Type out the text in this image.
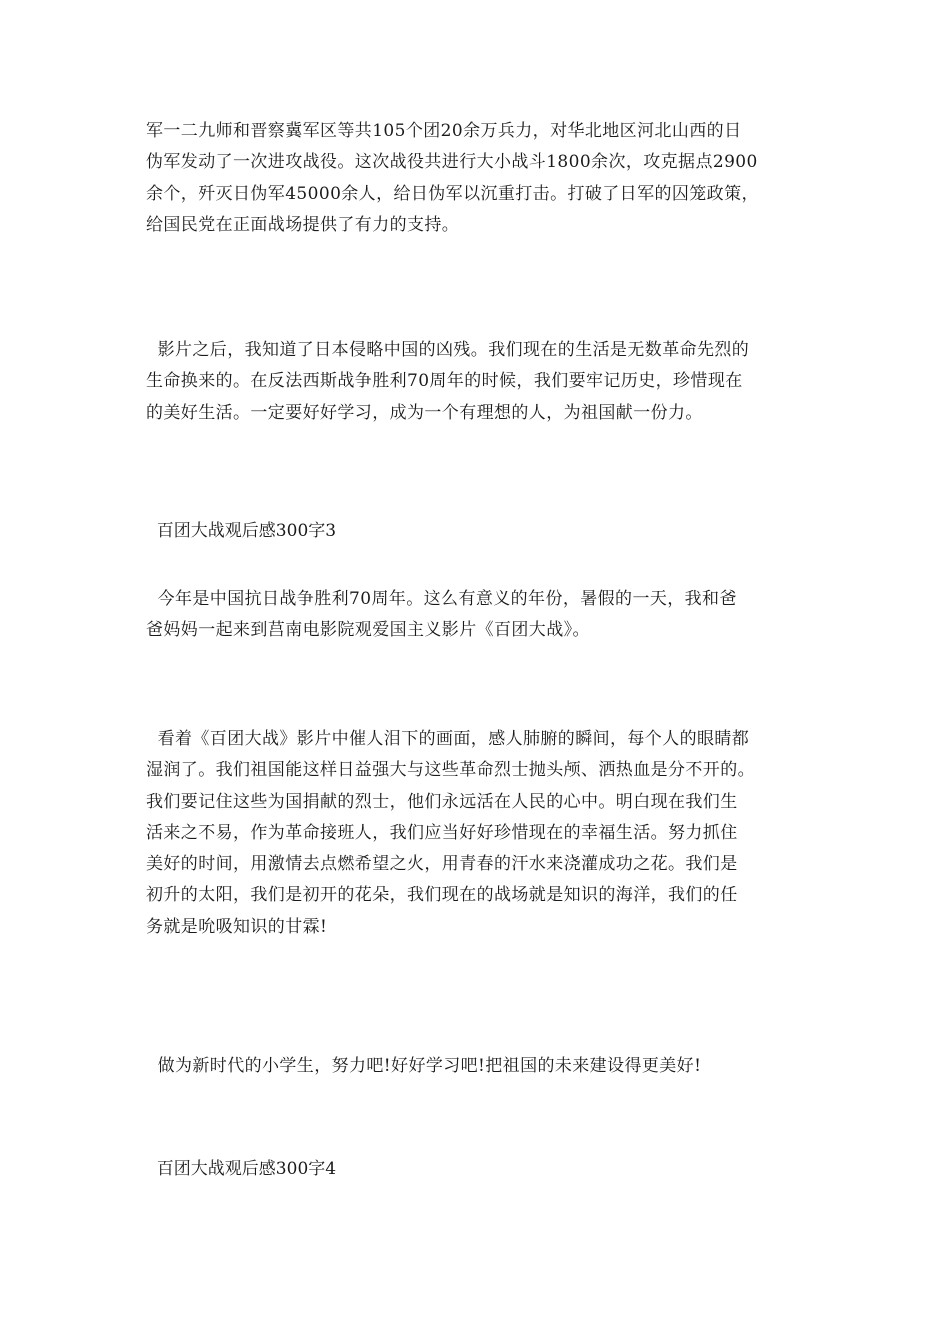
军一二九师和晋察冀军区等共105个团20余万兵力，对华北地区河北山西的日
伪军发动了一次进攻战役。这次战役共进行大小战斗1800余次，攻克据点2900
余个，歼灭日伪军45000余人，给日伪军以沉重打击。打破了日军的囚笼政策，
给国民党在正面战场提供了有力的支持。
影片之后，我知道了日本侵略中国的凶残。我们现在的生活是无数革命先烈的
生命换来的。在反法西斯战争胜利70周年的时候，我们要牢记历史，珍惜现在
的美好生活。一定要好好学习，成为一个有理想的人，为祖国献一份力。
百团大战观后感300字3
今年是中国抗日战争胜利70周年。这么有意义的年份，暑假的一天，我和爸
爸妈妈一起来到莒南电影院观爱国主义影片《百团大战》。
看着《百团大战》影片中催人泪下的画面，感人肺腑的瞬间，每个人的眼睛都
湿润了。我们祖国能这样日益强大与这些革命烈士抛头颅、洒热血是分不开的。
我们要记住这些为国捐献的烈士，他们永远活在人民的心中。明白现在我们生
活来之不易，作为革命接班人，我们应当好好珍惜现在的幸福生活。努力抓住
美好的时间，用激情去点燃希望之火，用青春的汗水来浇灌成功之花。我们是
初升的太阳，我们是初开的花朵，我们现在的战场就是知识的海洋，我们的任
务就是吮吸知识的甘霖!
做为新时代的小学生，努力吧!好好学习吧!把祖国的未来建设得更美好!
百团大战观后感300字4
